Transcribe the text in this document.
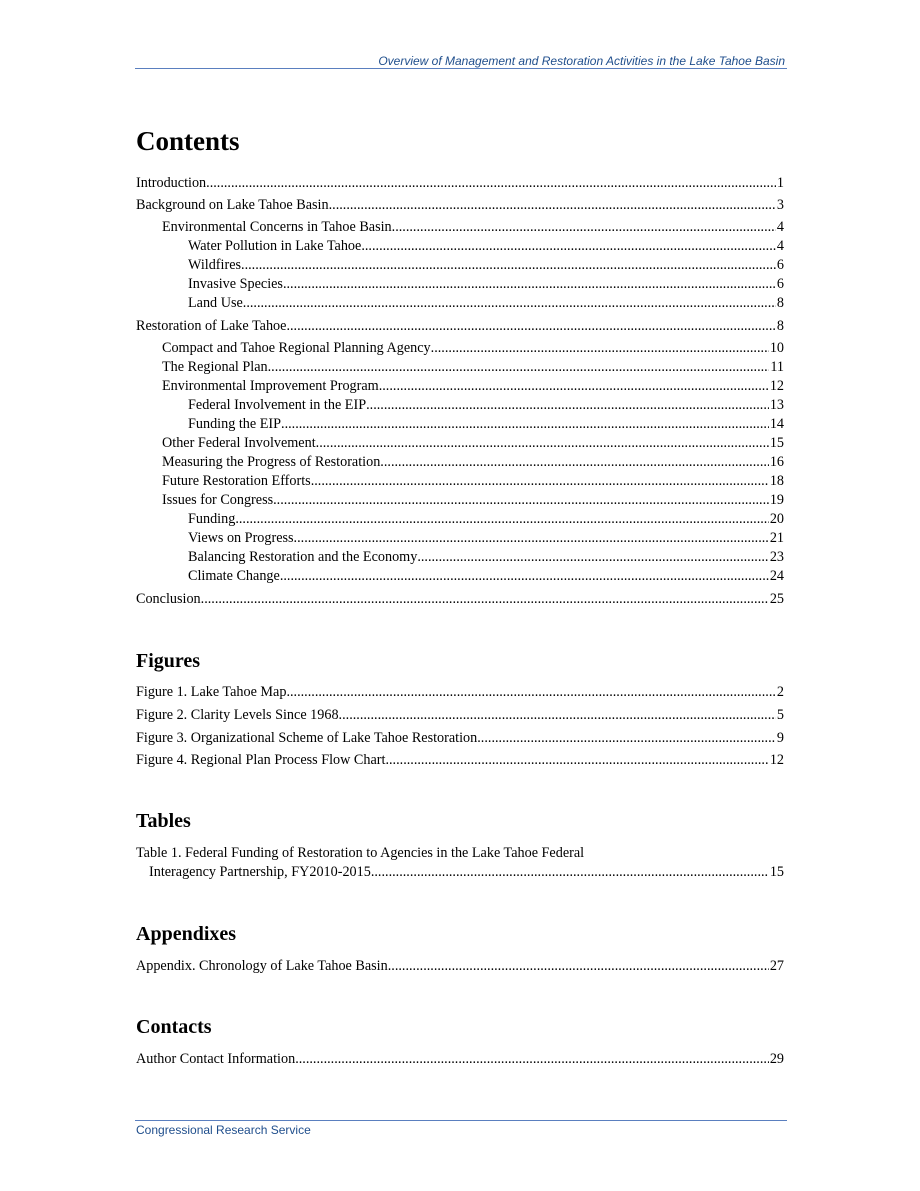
Overview of Management and Restoration Activities in the Lake Tahoe Basin
Contents
Introduction .....	1
Background on Lake Tahoe Basin .....	3
Environmental Concerns in Tahoe Basin .....	4
Water Pollution in Lake Tahoe .....	4
Wildfires .....	6
Invasive Species .....	6
Land Use .....	8
Restoration of Lake Tahoe .....	8
Compact and Tahoe Regional Planning Agency .....	10
The Regional Plan .....	11
Environmental Improvement Program .....	12
Federal Involvement in the EIP .....	13
Funding the EIP .....	14
Other Federal Involvement .....	15
Measuring the Progress of Restoration .....	16
Future Restoration Efforts .....	18
Issues for Congress .....	19
Funding .....	20
Views on Progress .....	21
Balancing Restoration and the Economy .....	23
Climate Change .....	24
Conclusion .....	25
Figures
Figure 1. Lake Tahoe Map .....	2
Figure 2. Clarity Levels Since 1968 .....	5
Figure 3. Organizational Scheme of Lake Tahoe Restoration .....	9
Figure 4. Regional Plan Process Flow Chart .....	12
Tables
Table 1. Federal Funding of Restoration to Agencies in the Lake Tahoe Federal
Interagency Partnership, FY2010-2015 .....	15
Appendixes
Appendix. Chronology of Lake Tahoe Basin .....	27
Contacts
Author Contact Information .....	29
Congressional Research Service
